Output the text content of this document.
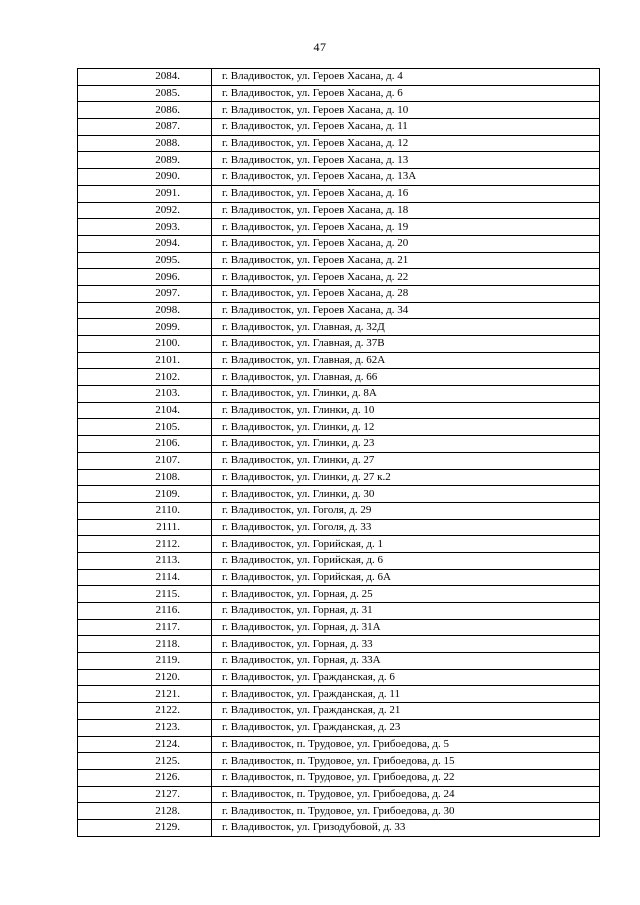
47
2084.	г. Владивосток, ул. Героев Хасана, д. 4
2085.	г. Владивосток, ул. Героев Хасана, д. 6
2086.	г. Владивосток, ул. Героев Хасана, д. 10
2087.	г. Владивосток, ул. Героев Хасана, д. 11
2088.	г. Владивосток, ул. Героев Хасана, д. 12
2089.	г. Владивосток, ул. Героев Хасана, д. 13
2090.	г. Владивосток, ул. Героев Хасана, д. 13А
2091.	г. Владивосток, ул. Героев Хасана, д. 16
2092.	г. Владивосток, ул. Героев Хасана, д. 18
2093.	г. Владивосток, ул. Героев Хасана, д. 19
2094.	г. Владивосток, ул. Героев Хасана, д. 20
2095.	г. Владивосток, ул. Героев Хасана, д. 21
2096.	г. Владивосток, ул. Героев Хасана, д. 22
2097.	г. Владивосток, ул. Героев Хасана, д. 28
2098.	г. Владивосток, ул. Героев Хасана, д. 34
2099.	г. Владивосток, ул. Главная, д. 32Д
2100.	г. Владивосток, ул. Главная, д. 37В
2101.	г. Владивосток, ул. Главная, д. 62А
2102.	г. Владивосток, ул. Главная, д. 66
2103.	г. Владивосток, ул. Глинки, д. 8А
2104.	г. Владивосток, ул. Глинки, д. 10
2105.	г. Владивосток, ул. Глинки, д. 12
2106.	г. Владивосток, ул. Глинки, д. 23
2107.	г. Владивосток, ул. Глинки, д. 27
2108.	г. Владивосток, ул. Глинки, д. 27 к.2
2109.	г. Владивосток, ул. Глинки, д. 30
2110.	г. Владивосток, ул. Гоголя, д. 29
2111.	г. Владивосток, ул. Гоголя, д. 33
2112.	г. Владивосток, ул. Горийская, д. 1
2113.	г. Владивосток, ул. Горийская, д. 6
2114.	г. Владивосток, ул. Горийская, д. 6А
2115.	г. Владивосток, ул. Горная, д. 25
2116.	г. Владивосток, ул. Горная, д. 31
2117.	г. Владивосток, ул. Горная, д. 31А
2118.	г. Владивосток, ул. Горная, д. 33
2119.	г. Владивосток, ул. Горная, д. 33А
2120.	г. Владивосток, ул. Гражданская, д. 6
2121.	г. Владивосток, ул. Гражданская, д. 11
2122.	г. Владивосток, ул. Гражданская, д. 21
2123.	г. Владивосток, ул. Гражданская, д. 23
2124.	г. Владивосток, п. Трудовое, ул. Грибоедова, д. 5
2125.	г. Владивосток, п. Трудовое, ул. Грибоедова, д. 15
2126.	г. Владивосток, п. Трудовое, ул. Грибоедова, д. 22
2127.	г. Владивосток, п. Трудовое, ул. Грибоедова, д. 24
2128.	г. Владивосток, п. Трудовое, ул. Грибоедова, д. 30
2129.	г. Владивосток, ул. Гризодубовой, д. 33
